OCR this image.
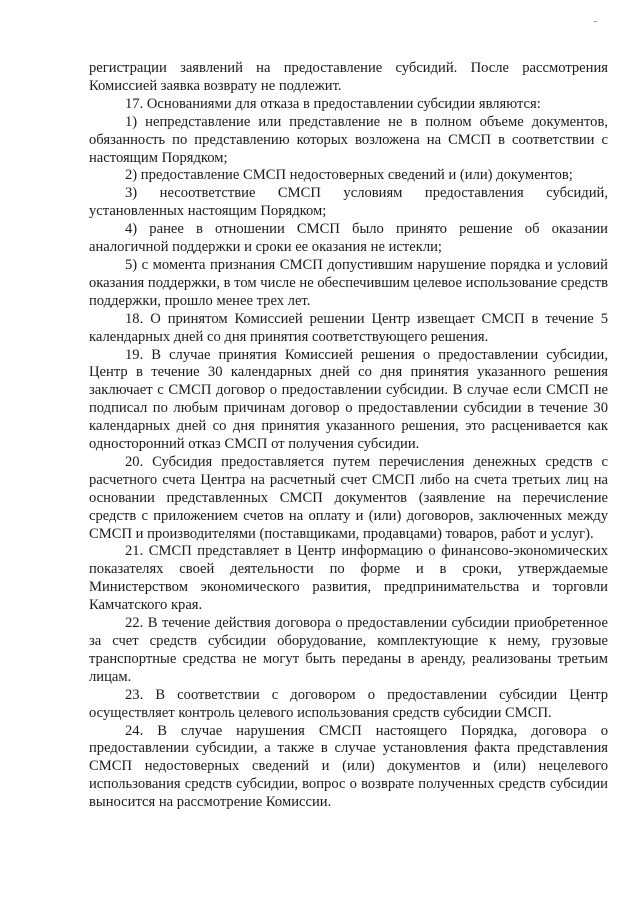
регистрации заявлений на предоставление субсидий. После рассмотрения Комиссией заявка возврату не подлежит.

17. Основаниями для отказа в предоставлении субсидии являются:

1) непредставление или представление не в полном объеме документов, обязанность по представлению которых возложена на СМСП в соответствии с настоящим Порядком;

2) предоставление СМСП недостоверных сведений и (или) документов;

3) несоответствие СМСП условиям предоставления субсидий, установленных настоящим Порядком;

4) ранее в отношении СМСП было принято решение об оказании аналогичной поддержки и сроки ее оказания не истекли;

5) с момента признания СМСП допустившим нарушение порядка и условий оказания поддержки, в том числе не обеспечившим целевое использование средств поддержки, прошло менее трех лет.

18. О принятом Комиссией решении Центр извещает СМСП в течение 5 календарных дней со дня принятия соответствующего решения.

19. В случае принятия Комиссией решения о предоставлении субсидии, Центр в течение 30 календарных дней со дня принятия указанного решения заключает с СМСП договор о предоставлении субсидии. В случае если СМСП не подписал по любым причинам договор о предоставлении субсидии в течение 30 календарных дней со дня принятия указанного решения, это расценивается как односторонний отказ СМСП от получения субсидии.

20. Субсидия предоставляется путем перечисления денежных средств с расчетного счета Центра на расчетный счет СМСП либо на счета третьих лиц на основании представленных СМСП документов (заявление на перечисление средств с приложением счетов на оплату и (или) договоров, заключенных между СМСП и производителями (поставщиками, продавцами) товаров, работ и услуг).

21. СМСП представляет в Центр информацию о финансово-экономических показателях своей деятельности по форме и в сроки, утверждаемые Министерством экономического развития, предпринимательства и торговли Камчатского края.

22. В течение действия договора о предоставлении субсидии приобретенное за счет средств субсидии оборудование, комплектующие к нему, грузовые транспортные средства не могут быть переданы в аренду, реализованы третьим лицам.

23. В соответствии с договором о предоставлении субсидии Центр осуществляет контроль целевого использования средств субсидии СМСП.

24. В случае нарушения СМСП настоящего Порядка, договора о предоставлении субсидии, а также в случае установления факта представления СМСП недостоверных сведений и (или) документов и (или) нецелевого использования средств субсидии, вопрос о возврате полученных средств субсидии выносится на рассмотрение Комиссии.
